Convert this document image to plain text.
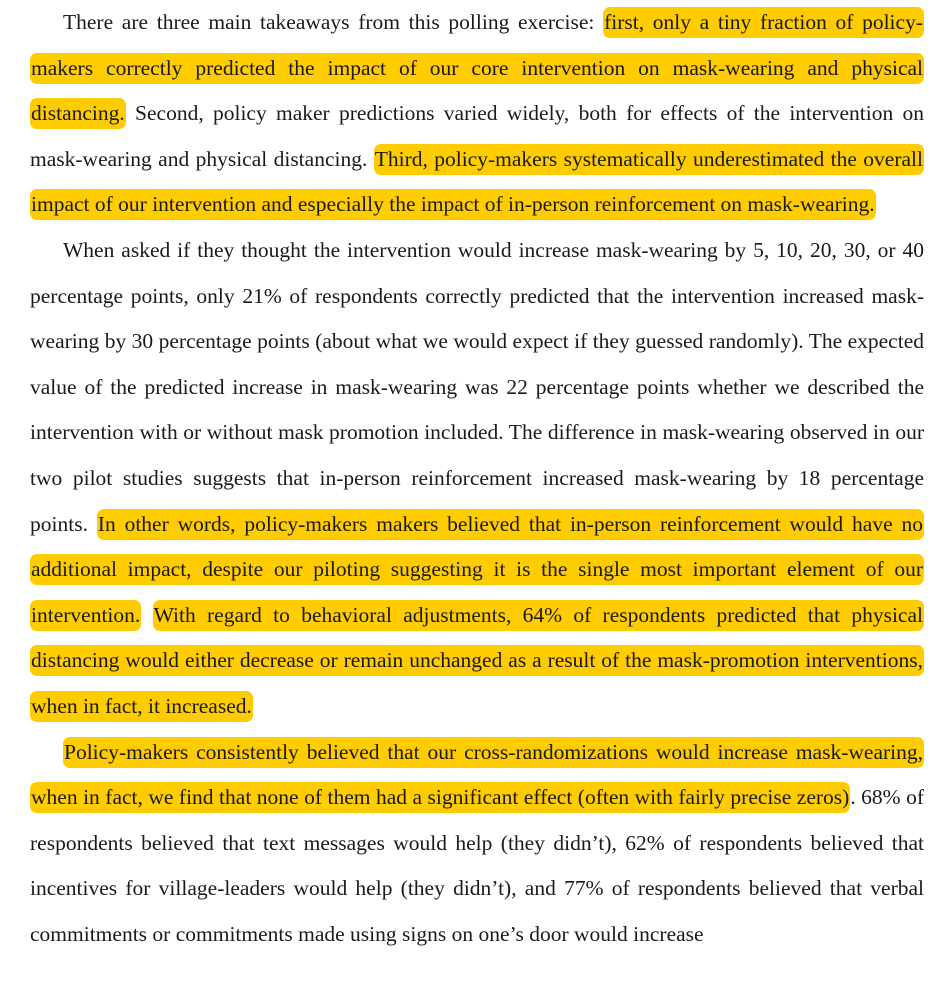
There are three main takeaways from this polling exercise: first, only a tiny fraction of policy-makers correctly predicted the impact of our core intervention on mask-wearing and physical distancing. Second, policy maker predictions varied widely, both for effects of the intervention on mask-wearing and physical distancing. Third, policy-makers systematically underestimated the overall impact of our intervention and especially the impact of in-person reinforcement on mask-wearing.

When asked if they thought the intervention would increase mask-wearing by 5, 10, 20, 30, or 40 percentage points, only 21% of respondents correctly predicted that the intervention increased mask-wearing by 30 percentage points (about what we would expect if they guessed randomly). The expected value of the predicted increase in mask-wearing was 22 percentage points whether we described the intervention with or without mask promotion included. The difference in mask-wearing observed in our two pilot studies suggests that in-person reinforcement increased mask-wearing by 18 percentage points. In other words, policy-makers makers believed that in-person reinforcement would have no additional impact, despite our piloting suggesting it is the single most important element of our intervention. With regard to behavioral adjustments, 64% of respondents predicted that physical distancing would either decrease or remain unchanged as a result of the mask-promotion interventions, when in fact, it increased.

Policy-makers consistently believed that our cross-randomizations would increase mask-wearing, when in fact, we find that none of them had a significant effect (often with fairly precise zeros). 68% of respondents believed that text messages would help (they didn’t), 62% of respondents believed that incentives for village-leaders would help (they didn’t), and 77% of respondents believed that verbal commitments or commitments made using signs on one’s door would increase
